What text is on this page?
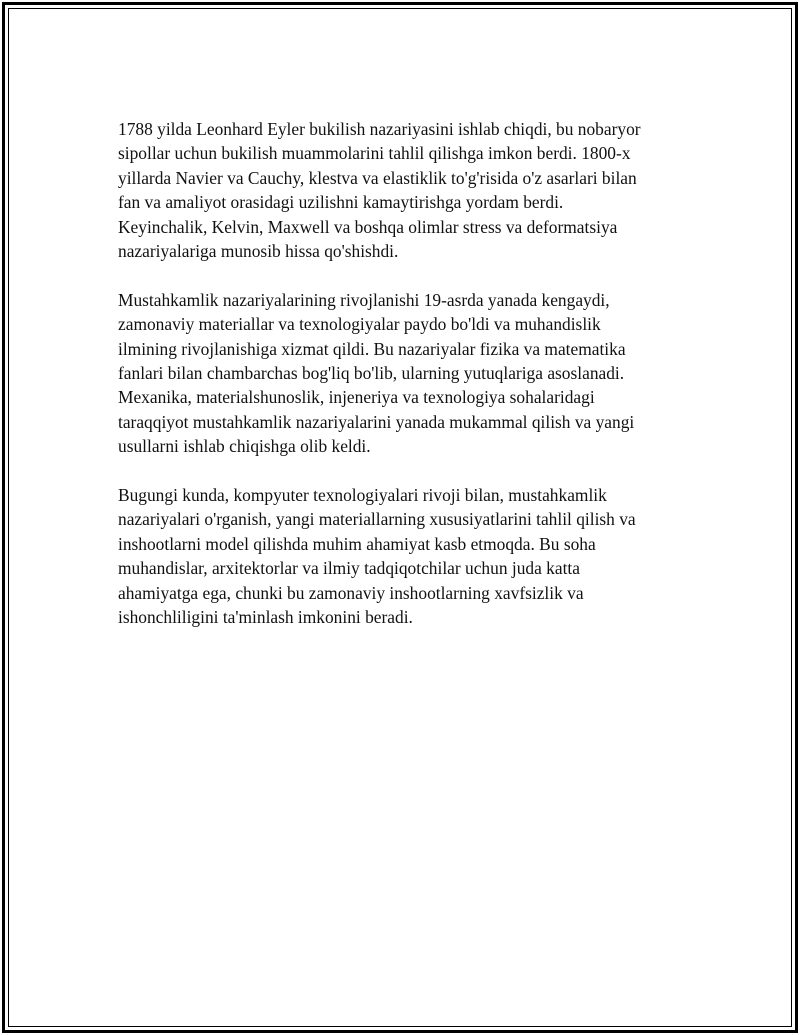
1788 yilda Leonhard Eyler bukilish nazariyasini ishlab chiqdi, bu nobaryor
sipollar uchun bukilish muammolarini tahlil qilishga imkon berdi. 1800-x
yillarda Navier va Cauchy, klestva va elastiklik to'g'risida o'z asarlari bilan
fan va amaliyot orasidagi uzilishni kamaytirishga yordam berdi.
Keyinchalik, Kelvin, Maxwell va boshqa olimlar stress va deformatsiya
nazariyalariga munosib hissa qo'shishdi.

Mustahkamlik nazariyalarining rivojlanishi 19-asrda yanada kengaydi,
zamonaviy materiallar va texnologiyalar paydo bo'ldi va muhandislik
ilmining rivojlanishiga xizmat qildi. Bu nazariyalar fizika va matematika
fanlari bilan chambarchas bog'liq bo'lib, ularning yutuqlariga asoslanadi.
Mexanika, materialshunoslik, injeneriya va texnologiya sohalaridagi
taraqqiyot mustahkamlik nazariyalarini yanada mukammal qilish va yangi
usullarni ishlab chiqishga olib keldi.

Bugungi kunda, kompyuter texnologiyalari rivoji bilan, mustahkamlik
nazariyalari o'rganish, yangi materiallarning xususiyatlarini tahlil qilish va
inshootlarni model qilishda muhim ahamiyat kasb etmoqda. Bu soha
muhandislar, arxitektorlar va ilmiy tadqiqotchilar uchun juda katta
ahamiyatga ega, chunki bu zamonaviy inshootlarning xavfsizlik va
ishonchliligini ta'minlash imkonini beradi.
